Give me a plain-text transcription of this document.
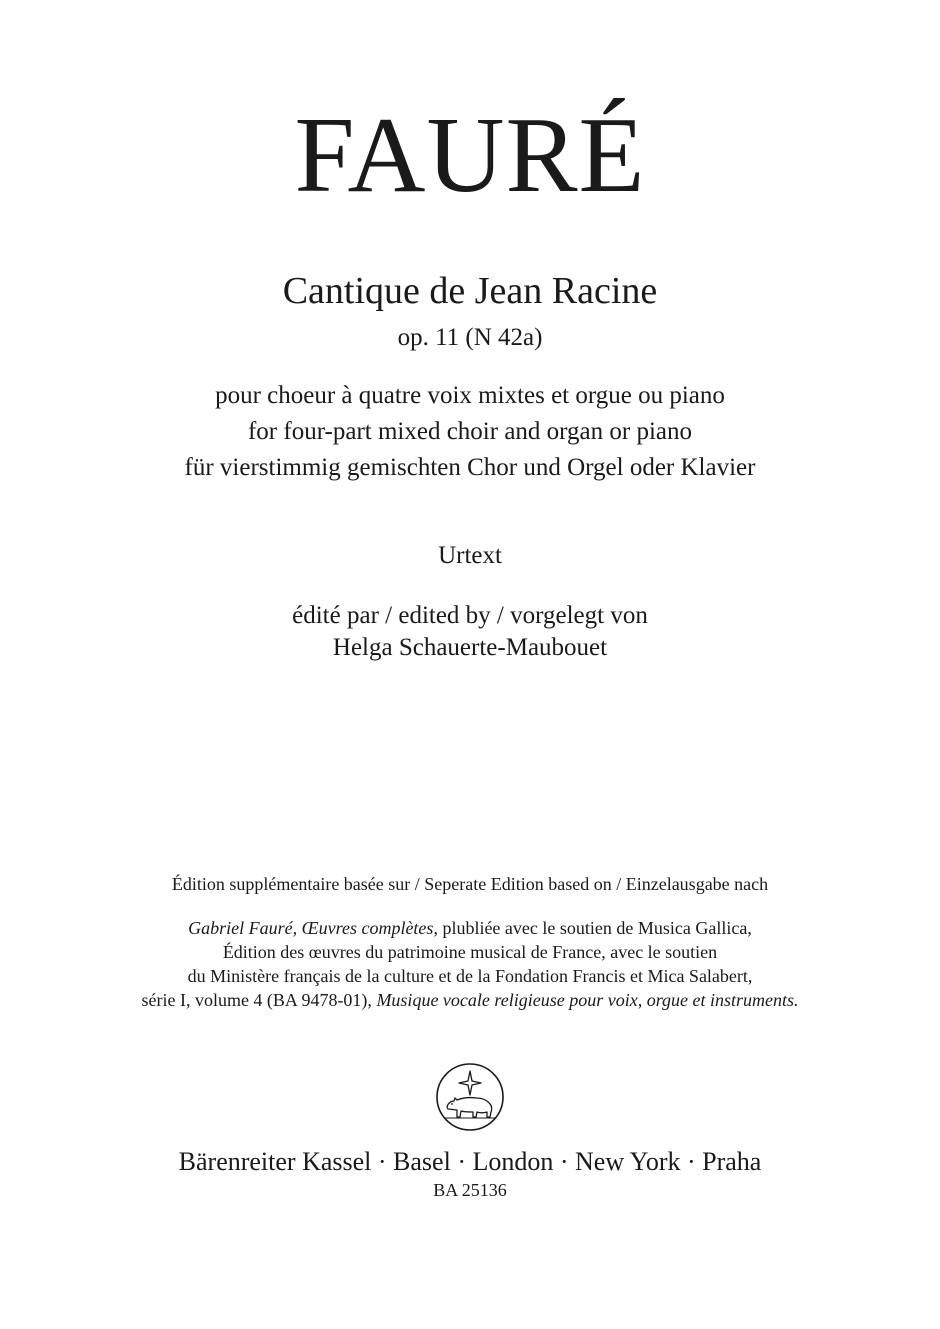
FAURÉ
Cantique de Jean Racine
op. 11 (N 42a)
pour choeur à quatre voix mixtes et orgue ou piano
for four-part mixed choir and organ or piano
für vierstimmig gemischten Chor und Orgel oder Klavier
Urtext
édité par / edited by / vorgelegt von
Helga Schauerte-Maubouet
Édition supplémentaire basée sur / Seperate Edition based on / Einzelausgabe nach
Gabriel Fauré, Œuvres complètes, plubliée avec le soutien de Musica Gallica,
Édition des œuvres du patrimoine musical de France, avec le soutien
du Ministère français de la culture et de la Fondation Francis et Mica Salabert,
série I, volume 4 (BA 9478-01), Musique vocale religieuse pour voix, orgue et instruments.
Bärenreiter Kassel · Basel · London · New York · Praha
BA 25136
